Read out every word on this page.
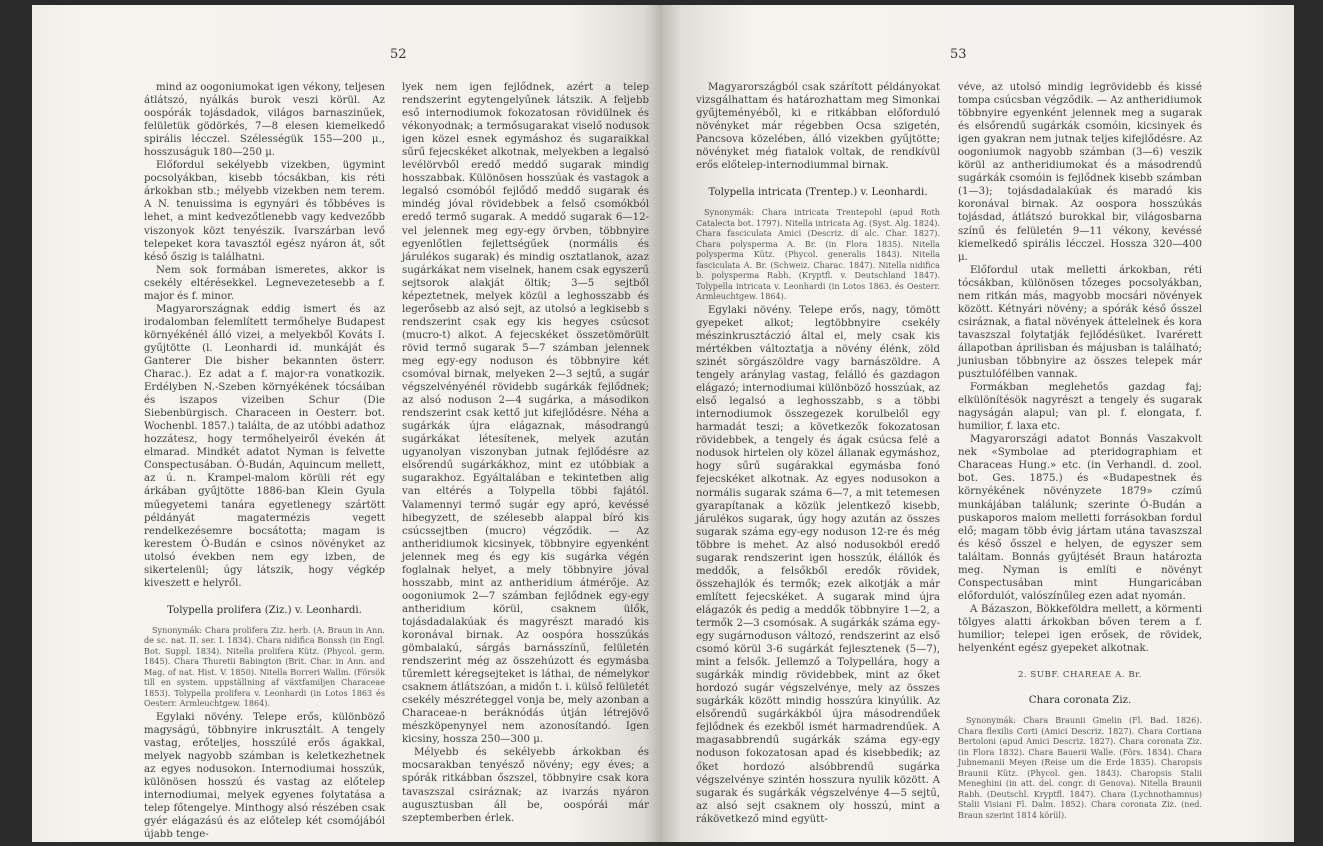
52

mind az oogoniumokat igen vékony, teljesen átlátszó, nyálkás burok veszi körül. Az oospórák tojásdadok, világos barnaszinűek, felületük gödörkés, 7—8 elesen kiemelkedő spirális lécczel. Szélességük 155—200 μ., hosszuságuk 180—250 μ.

Előfordul sekélyebb vizekben, ügymint pocsolyákban, kisebb tócsákban, kis réti árkokban stb.; mélyebb vizekben nem terem. A N. tenuissima is egynyári és tőbbéves is lehet, a mint kedvezőtlenebb vagy kedvezőbb viszonyok közt tenyészik. Ivarszárban levő telepeket kora tavasztól egész nyáron át, sőt késő őszig is találhatni.

Nem sok formában ismeretes, akkor is csekély eltérésekkel. Legnevezetesebb a f. major és f. minor.

Magyarországnak eddig ismert és az irodalomban felemlített termőhelye Budapest környékénél álló vizei, a melyekből Kováts I. gyűjtötte (l. Leonhardi id. munkáját és Ganterer Die bisher bekannten österr. Charac.). Ez adat a f. major-ra vonatkozik. Erdélyben N.-Szeben környékének tócsáiban és iszapos vizeiben Schur (Die Siebenbürgisch. Characeen in Oesterr. bot. Wochenbl. 1857.) találta, de az utóbbi adathoz hozzátesz, hogy termőhelyeiről évekén át elmarad. Mindkét adatot Nyman is felvette Conspectusában. Ó-Budán, Aquincum mellett, az ú. n. Krampel-malom körüli rét egy árkában gyűjtötte 1886-ban Klein Gyula műegyetemi tanára egyetlenegy szártött példányát magatermézis vegett rendelkezésemre bocsátotta; magam is kerestem Ó-Budán e csinos növényket az utolsó években nem egy izben, de sikertelenül; úgy látszik, hogy végkép kiveszett e helyről.

Tolypella prolifera (Ziz.) v. Leonhardi.

Synonymák: Chara prolifera Ziz. herb. (A. Braun in Ann. de sc. nat. II. ser. I. 1834). Chara nidifica Bonssh (in Engl. Bot. Suppl. 1834). Nitella prolifera Kütz. (Phycol. germ. 1845). Chara Thuretii Babington (Brit. Char. in Ann. and Mag. of nat. Hist. V. 1850). Nitella Borreri Wallm. (Försök till en system. uppställning af växtfamiljen Characeae 1853). Tolypella prolifera v. Leonhardi (in Lotos 1863 és Oesterr. Armleuchtgew. 1864).

Egylaki növény. Telepe erős, különböző magyságú, többnyire inkrusztált. A tengely vastag, erőteljes, hosszúlé erős ágakkal, melyek nagyobb számban is keletkezhetnek az egyes nodusokon. Internodiumai hosszúk, különösen hosszú és vastag az előtelep internodiumai, melyek egyenes folytatása a telep főtengelye. Minthogy alsó részében csak gyér elágazású és az előtelep két csomójából újabb tenge-

lyek nem igen fejlődnek, azért a telep rendszerint egytengelyűnek látszik. A feljebb eső internodiumok fokozatosan rövidülnek és vékonyodnak; a termősugarakat viselő nodusok igen közel esnek egymáshoz és sugaraikkal sűrű fejecskéket alkotnak, melyekben a legalsó levélörvből eredő meddő sugarak mindig hosszabbak. Különösen hosszúak és vastagok a legalsó csomóból fejlődő meddő sugarak és mindég jóval rövidebbek a felső csomókból eredő termő sugarak. A meddő sugarak 6—12-vel jelennek meg egy-egy örvben, többnyire egyenlőtlen fejlettségűek (normális és járulékos sugarak) és mindig osztatlanok, azaz sugárkákat nem viselnek, hanem csak egyszerű sejtsorok alakját öltik; 3—5 sejtből képeztetnek, melyek közül a leghosszabb és legerősebb az alsó sejt, az utolsó a legkisebb s rendszerint csak egy kis hegyes csúcsot (mucro-t) alkot. A fejecskéket összetömörült rövid termő sugarak 5—7 számban jelennek meg egy-egy noduson és többnyire két csomóval birnak, melyeken 2—3 sejtű, a sugár végszelvényénél rövidebb sugárkák fejlődnek; az alsó noduson 2—4 sugárka, a másodikon rendszerint csak kettő jut kifejlődésre. Néha a sugárkák újra elágaznak, másodrangú sugárkákat létesítenek, melyek azután ugyanolyan viszonyban jutnak fejlődésre az elsőrendű sugárkákhoz, mint ez utóbbiak a sugarakhoz. Egyáltalában e tekintetben alig van eltérés a Tolypella többi fajától. Valamennyi termő sugár egy apró, kevéssé hibegyzett, de szélesebb alappal bíró kis csúcssejtben (mucro) végződik. — Az antheridiumok kicsinyek, többnyire egyenként jelennek meg és egy kis sugárka végén foglalnak helyet, a mely többnyire jóval hosszabb, mint az antheridium átmérője. Az oogoniumok 2—7 számban fejlődnek egy-egy antheridium körül, csaknem ülők, tojásdadalakúak és magyrészt maradó kis koronával birnak. Az oospóra hosszúkás gömbalakú, sárgás barnásszínű, felületén rendszerint még az összehúzott és egymásba tűremlett kéregsejteket is láthai, de némelykor csaknem átlátszóan, a midőn t. i. külső felületét csekély mészréteggel vonja be, mely azonban a Characeae-n beráknódás útján létrejövő mészköpenynyel nem azonosítandó. Igen kicsiny, hossza 250—300 μ.

Mélyebb és sekélyebb árkokban és mocsarakban tenyésző növény; egy éves; a spórák ritkábban őszszel, többnyire csak kora tavaszszal csiráznak; az ivarzás nyáron augusztusban áll be, oospórái már szeptemberben érlek.

53

Magyarországból csak szárított példányokat vizsgálhattam és határozhattam meg Simonkai gyűjteményéből, ki e ritkábban előforduló növényket már régebben Ocsa szigetén, Pancsova közelében, álló vizekben gyűjtötte; növényket még fiatalok voltak, de rendkívül erős előtelep-internodiummal birnak.

Tolypella intricata (Trentep.) v. Leonhardi.

Synonymák: Chara intricata Trentepohl (apud Roth Catalecta bot. 1797). Nitella intricata Ag. (Syst. Alg. 1824). Chara fasciculata Amici (Descriz. di alc. Char. 1827). Chara polysperma A. Br. (in Flora 1835). Nitella polysperma Kütz. (Phycol. generalis 1843). Nitella fasciculata A. Br. (Schweiz. Charac. 1847). Nitella nidifica b. polysperma Rabh. (Kryptfl. v. Deutschland 1847). Tolypella intricata v. Leonhardi (in Lotos 1863. és Oesterr. Armleuchtgew. 1864).

Egylaki növény. Telepe erős, nagy, tömött gyepeket alkot; legtöbbnyire csekély mészinkrusztáczió által el, mely csak kis mértékben változtatja a növény élénk, zöld szinét sörgászöldre vagy barnászöldre. A tengely aránylag vastag, felálló és gazdagon elágazó; internodiumai különböző hosszúak, az első legalsó a leghosszabb, s a többi internodiumok összegezek korulbelől egy harmadát teszi; a következők fokozatosan rövidebbek, a tengely és ágak csúcsa felé a nodusok hirtelen oly közel állanak egymáshoz, hogy sűrű sugárakkal egymásba fonó fejecskéket alkotnak. Az egyes nodusokon a normális sugarak száma 6—7, a mit tetemesen gyarapítanak a közük jelentkező kisebb, járulékos sugarak, úgy hogy azután az összes sugarak száma egy-egy noduson 12-re és még többre is mehet. Az alsó nodusokból eredő sugarak rendszerint igen hosszúk, élállók és meddők, a felsőkből eredők rövidek, összehajlók és termők; ezek alkotják a már említett fejecskéket. A sugarak mind újra elágazók és pedig a meddők többnyire 1—2, a termők 2—3 csomósak. A sugárkák száma egy-egy sugárnoduson változó, rendszerint az első csomó körül 3-6 sugárkát fejlesztenek (5—7), mint a felsők. Jellemző a Tolypellára, hogy a sugárkák mindig rövidebbek, mint az őket hordozó sugár végszelvénye, mely az összes sugárkák között mindig hosszúra kinyúlik. Az elsőrendű sugárkákból újra másodrendűek fejlődnek és ezekből ismét harmadrendűek. A magasabbrendű sugárkák száma egy-egy noduson fokozatosan apad és kisebbedik; az őket hordozó alsóbbrendű sugárka végszelvénye szintén hosszura nyulik között. A sugarak és sugárkák végszelvénye 4—5 sejtű, az alsó sejt csaknem oly hosszú, mint a rákövetkező mind együtt-

véve, az utolsó mindig legrövidebb és kissé tompa csúcsban végződik. — Az antheridiumok többnyire egyenként jelennek meg a sugarak és elsőrendű sugárkák csomóin, kicsinyek és igen gyakran nem jutnak teljes kifejlődésre. Az oogoniumok nagyobb számban (3—6) veszik körül az antheridiumokat és a másodrendű sugárkák csomóin is fejlődnek kisebb számban (1—3); tojásdadalakúak és maradó kis koronával birnak. Az oospora hosszúkás tojásdad, átlátszó burokkal bir, világosbarna színű és felületén 9—11 vékony, kevéssé kiemelkedő spirális lécczel. Hossza 320—400 μ.

Előfordul utak melletti árkokban, réti tócsákban, különösen tőzeges pocsolyákban, nem ritkán más, magyobb mocsári növények között. Kétnyári növény; a spórák késő ősszel csiráznak, a fiatal növények áttelelnek és kora tavaszszal folytatják fejlődésüket. Ivarérett állapotban áprilisban és májusban is található; juniusban többnyire az összes telepek már pusztulófélben vannak.

Formákban meglehetős gazdag faj; elkülönítésök nagyrészt a tengely és sugarak nagyságán alapul; van pl. f. elongata, f. humilior, f. laxa etc.

Magyarországi adatot Bonnás Vaszakvolt nek «Symbolae ad pteridographiam et Characeas Hung.» etc. (in Verhandl. d. zool. bot. Ges. 1875.) és «Budapestnek és környékének növényzete 1879» czímű munkájában találunk; szerinte Ó-Budán a puskaporos malom melletti forrásokban fordul elő; magam több évig jártam utána tavaszszal és késő ősszel e helyen, de egyszer sem találtam. Bonnás gyűjtését Braun határozta meg. Nyman is említi e növényt Conspectusában mint Hungaricában előfordulót, valószínűleg ezen adat nyomán.

A Bázaszon, Bökkeföldra mellett, a körmenti tölgyes alatti árkokban bőven terem a f. humilior; telepei igen erősek, de rövidek, helyenként egész gyepeket alkotnak.

2. SUBF. CHAREAE A. Br.
Chara coronata Ziz.

Synonymák: Chara Braunii Gmelin (Fl. Bad. 1826). Chara flexilis Corti (Amici Descriz. 1827). Chara Cortiana Bertoloni (apud Amici Descriz. 1827). Chara coronata Ziz. (in Flora 1832). Chara Bauerii Walle. (Förs. 1834). Chara Jubnemanii Meyen (Reise um die Erde 1835). Charopsis Braunii Kütz. (Phycol. gen. 1843). Charopsis Stalii Meneghini (in att. del. congr. di Genova). Nitella Braunii Rabh. (Deutschl. Kryptfl. 1847). Chara (Lychnothamnus) Stalii Visiani Fl. Dalm. 1852). Chara coronata Ziz. (ned. Braun szerint 1814 körül).
